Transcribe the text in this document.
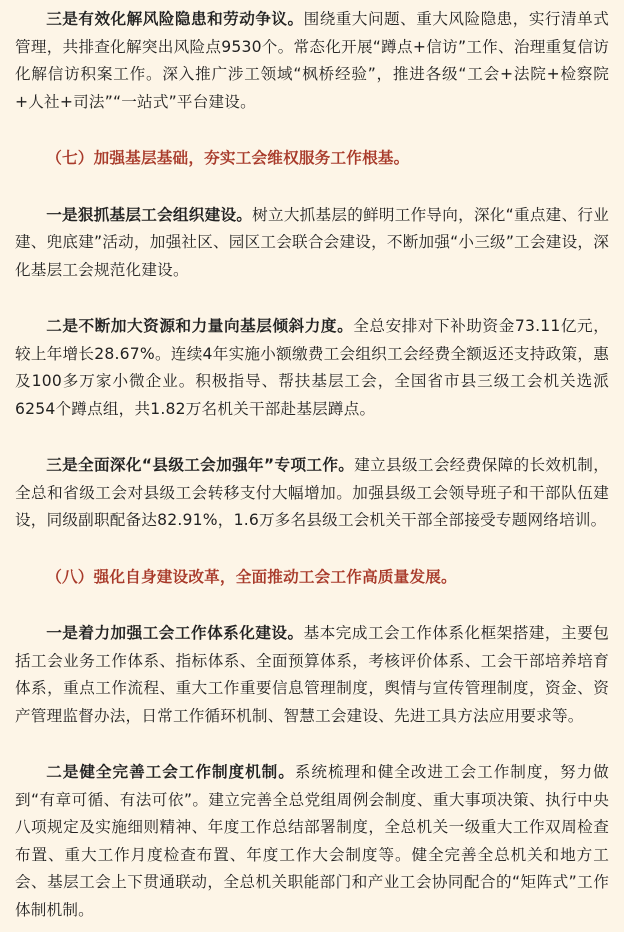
三是有效化解风险隐患和劳动争议。围绕重大问题、重大风险隐患，实行清单式管理，共排查化解突出风险点9530个。常态化开展“蹲点+信访”工作、治理重复信访化解信访积案工作。深入推广涉工领域“枫桥经验”，推进各级“工会+法院+检察院+人社+司法”“一站式”平台建设。

（七）加强基层基础，夯实工会维权服务工作根基。

一是狠抓基层工会组织建设。树立大抓基层的鲜明工作导向，深化“重点建、行业建、兜底建”活动，加强社区、园区工会联合会建设，不断加强“小三级”工会建设，深化基层工会规范化建设。

二是不断加大资源和力量向基层倾斜力度。全总安排对下补助资金73.11亿元，较上年增长28.67%。连续4年实施小额缴费工会组织工会经费全额返还支持政策，惠及100多万家小微企业。积极指导、帮扶基层工会，全国省市县三级工会机关选派6254个蹲点组，共1.82万名机关干部赴基层蹲点。

三是全面深化“县级工会加强年”专项工作。建立县级工会经费保障的长效机制，全总和省级工会对县级工会转移支付大幅增加。加强县级工会领导班子和干部队伍建设，同级副职配备达82.91%，1.6万多名县级工会机关干部全部接受专题网络培训。

（八）强化自身建设改革，全面推动工会工作高质量发展。

一是着力加强工会工作体系化建设。基本完成工会工作体系化框架搭建，主要包括工会业务工作体系、指标体系、全面预算体系，考核评价体系、工会干部培养培育体系，重点工作流程、重大工作重要信息管理制度，舆情与宣传管理制度，资金、资产管理监督办法，日常工作循环机制、智慧工会建设、先进工具方法应用要求等。

二是健全完善工会工作制度机制。系统梳理和健全改进工会工作制度，努力做到“有章可循、有法可依”。建立完善全总党组周例会制度、重大事项决策、执行中央八项规定及实施细则精神、年度工作总结部署制度，全总机关一级重大工作双周检查布置、重大工作月度检查布置、年度工作大会制度等。健全完善全总机关和地方工会、基层工会上下贯通联动，全总机关职能部门和产业工会协同配合的“矩阵式”工作体制机制。
